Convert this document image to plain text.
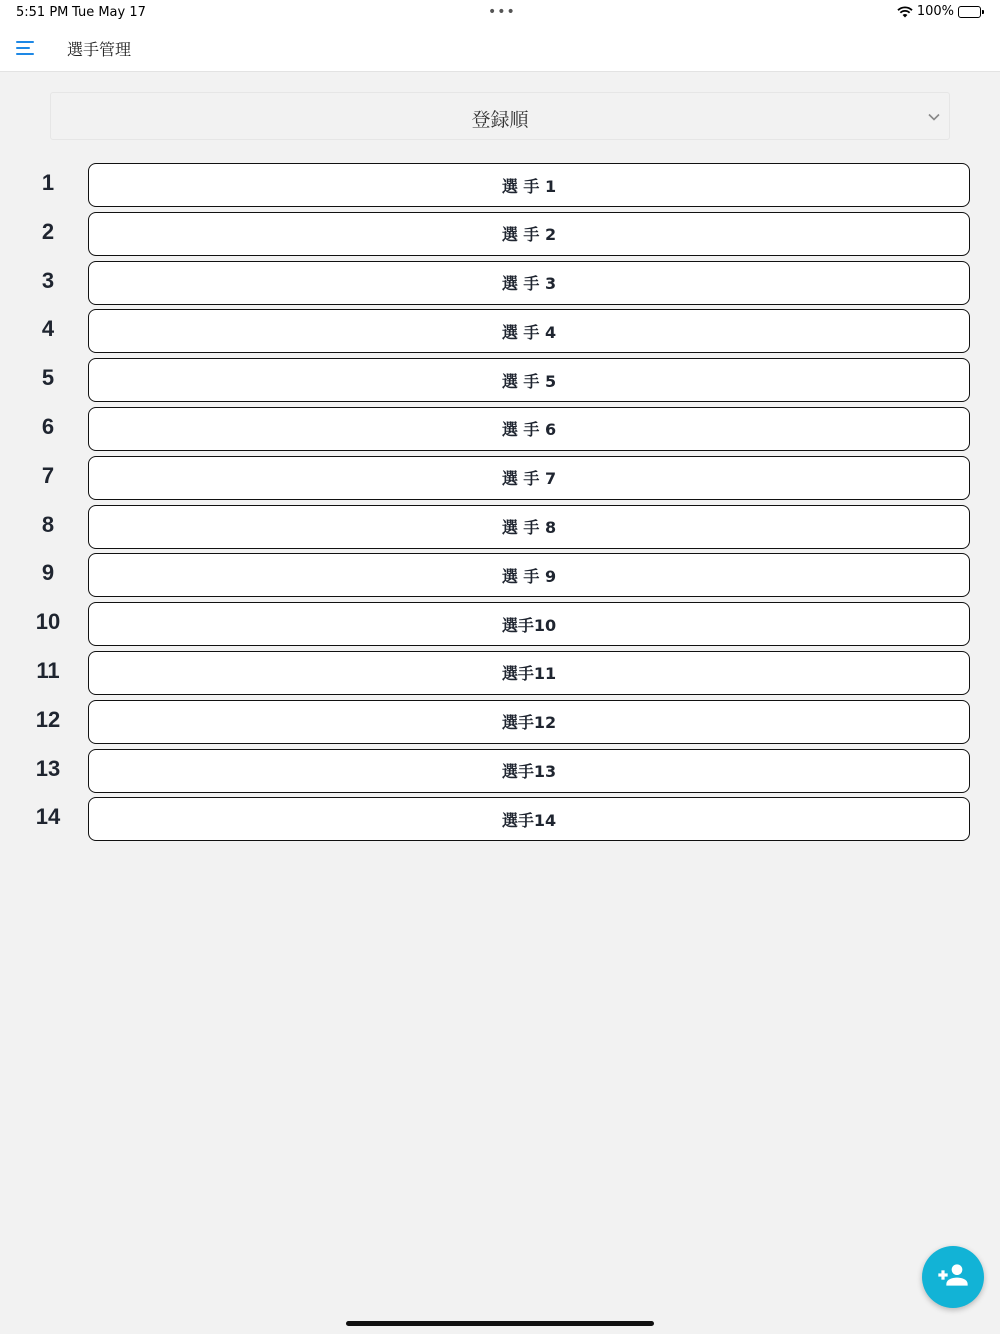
5:51 PM Tue May 17	•••	100%
選手管理
登録順
1	選 手 1
2	選 手 2
3	選 手 3
4	選 手 4
5	選 手 5
6	選 手 6
7	選 手 7
8	選 手 8
9	選 手 9
10	選手10
11	選手11
12	選手12
13	選手13
14	選手14
